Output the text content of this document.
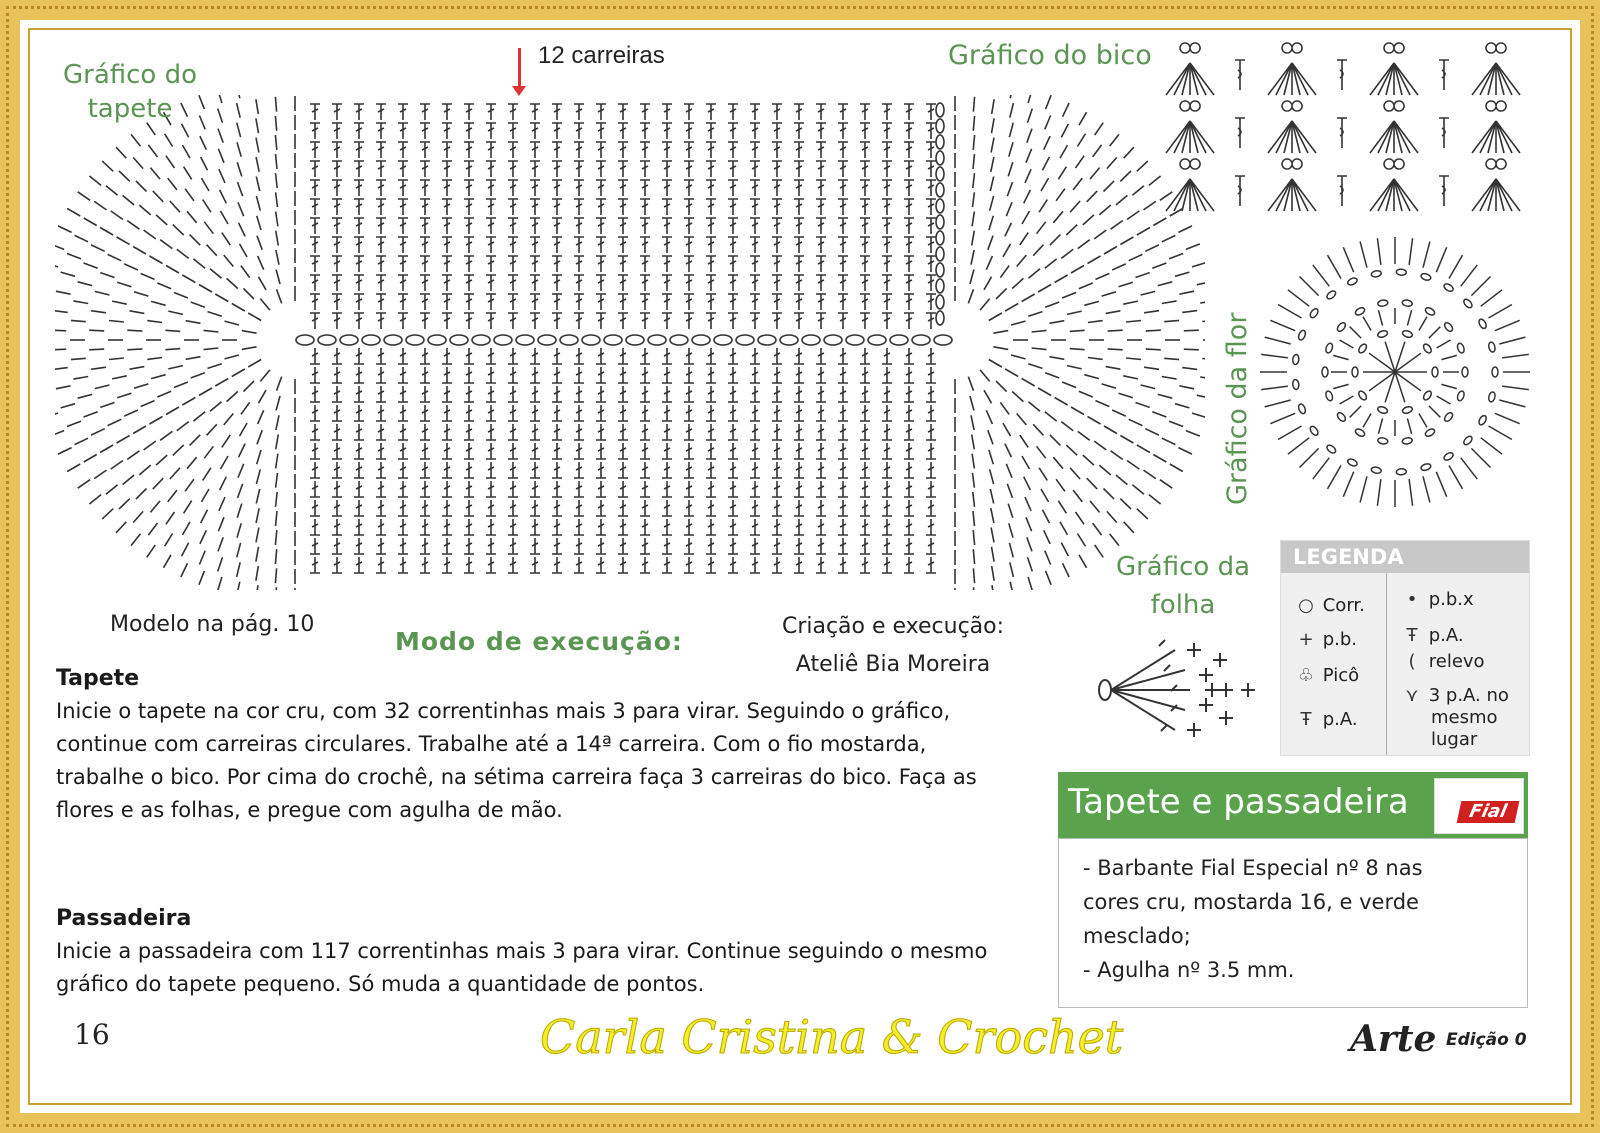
12 carreiras
Gráfico do
tapete
Gráfico do bico
Gráfico da flor
Gráfico da
folha
Modelo na pág. 10
Modo de execução:
Criação e execução:
Ateliê Bia Moreira
Tapete
Inicie o tapete na cor cru, com 32 correntinhas mais 3 para virar. Seguindo o gráfico,
continue com carreiras circulares. Trabalhe até a 14ª carreira. Com o fio mostarda,
trabalhe o bico. Por cima do crochê, na sétima carreira faça 3 carreiras do bico. Faça as
flores e as folhas, e pregue com agulha de mão.
Passadeira
Inicie a passadeira com 117 correntinhas mais 3 para virar. Continue seguindo o mesmo
gráfico do tapete pequeno. Só muda a quantidade de pontos.
LEGENDA
○ Corr.
+ p.b.
♧ Picô
Ŧ p.A.
• p.b.x
Ŧ p.A.
( relevo
⋎ 3 p.A. no
mesmo
lugar
Tapete e passadeira	Fial

- Barbante Fial Especial nº 8 nas

cores cru, mostarda 16, e verde

mesclado;

- Agulha nº 3.5 mm.

16	Carla Cristina & Crochet	Arte Edição 0
